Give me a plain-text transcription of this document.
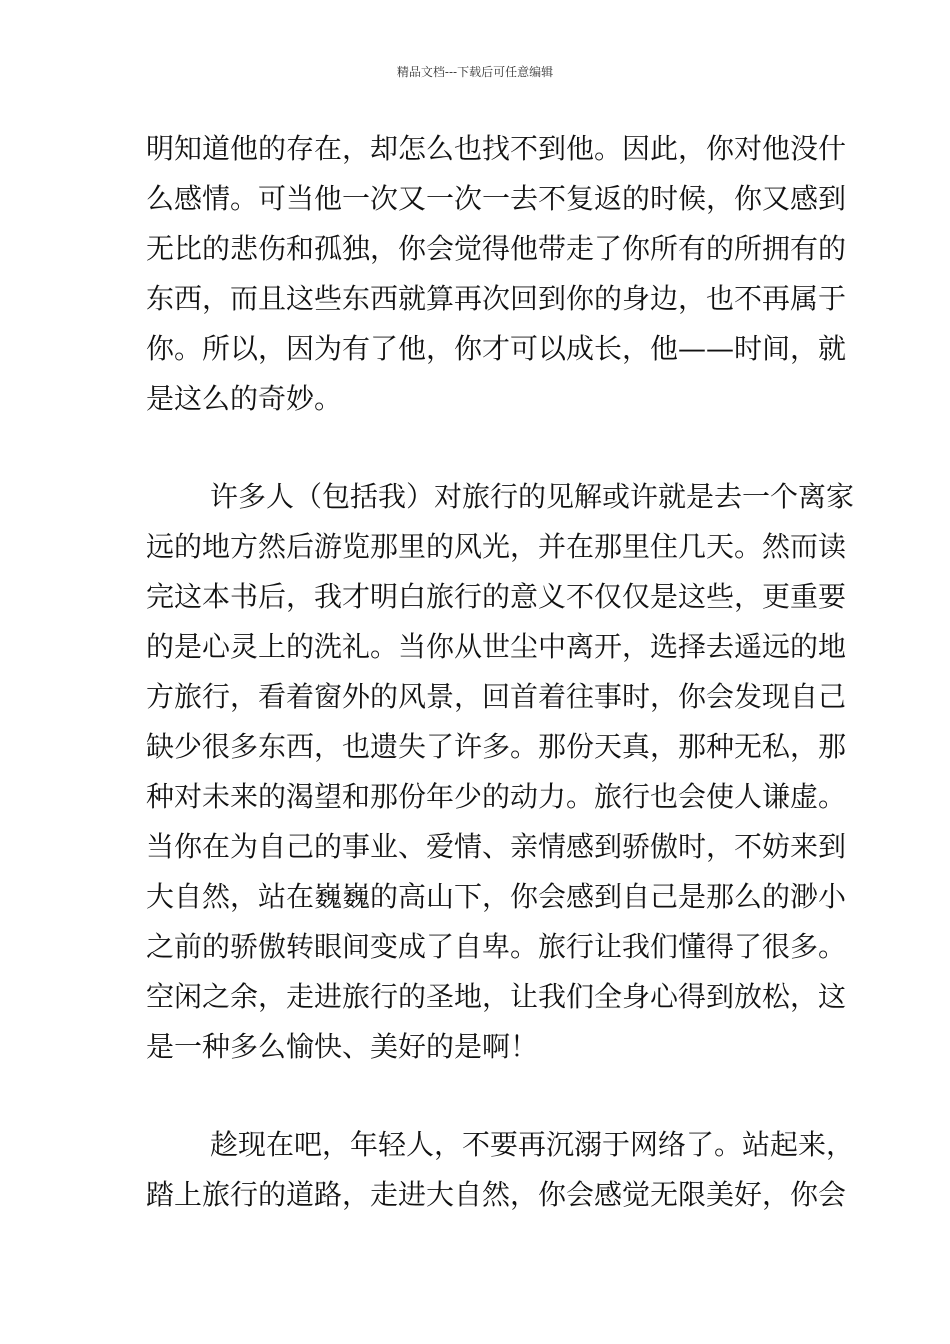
精品文档---下载后可任意编辑
明知道他的存在，却怎么也找不到他。因此，你对他没什
么感情。可当他一次又一次一去不复返的时候，你又感到
无比的悲伤和孤独，你会觉得他带走了你所有的所拥有的
东西，而且这些东西就算再次回到你的身边，也不再属于
你。所以，因为有了他，你才可以成长，他——时间，就
是这么的奇妙。
许多人（包括我）对旅行的见解或许就是去一个离家
远的地方然后游览那里的风光，并在那里住几天。然而读
完这本书后，我才明白旅行的意义不仅仅是这些，更重要
的是心灵上的洗礼。当你从世尘中离开，选择去遥远的地
方旅行，看着窗外的风景，回首着往事时，你会发现自己
缺少很多东西，也遗失了许多。那份天真，那种无私，那
种对未来的渴望和那份年少的动力。旅行也会使人谦虚。
当你在为自己的事业、爱情、亲情感到骄傲时，不妨来到
大自然，站在巍巍的高山下，你会感到自己是那么的渺小
之前的骄傲转眼间变成了自卑。旅行让我们懂得了很多。
空闲之余，走进旅行的圣地，让我们全身心得到放松，这
是一种多么愉快、美好的是啊！
趁现在吧，年轻人，不要再沉溺于网络了。站起来，
踏上旅行的道路，走进大自然，你会感觉无限美好，你会
